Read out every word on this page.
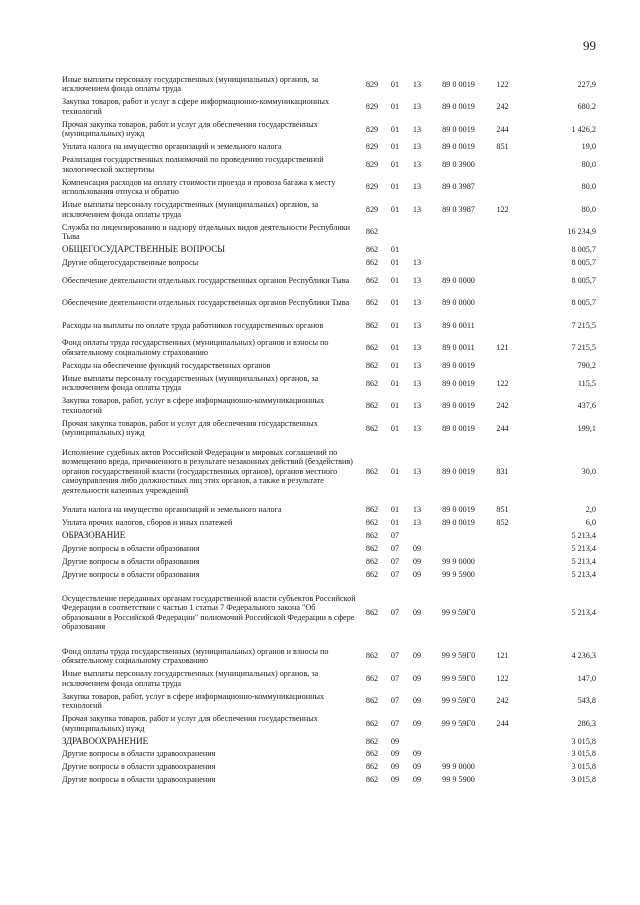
99
Иные выплаты персоналу государственных (муниципальных) органов, за исключением фонда оплаты труда
829	01	13	89 0 0019	122	227,9
Закупка товаров, работ и услуг в сфере информационно-коммуникационных технологий
829	01	13	89 0 0019	242	680,2
Прочая закупка товаров, работ и услуг для обеспечения государственных (муниципальных) нужд
829	01	13	89 0 0019	244	1 426,2
Уплата налога на имущество организаций и земельного налога	829	01	13	89 0 0019	851	19,0
Реализация государственных полномочий по проведению государственной экологической экспертизы
829	01	13	89 0 3900	80,0
Компенсация расходов на оплату стоимости проезда и провоза багажа к месту использования отпуска и обратно
829	01	13	89 0 3987	80,0
Иные выплаты персоналу государственных (муниципальных) органов, за исключением фонда оплаты труда
829	01	13	89 0 3987	122	80,0
Служба по лицензированию и надзору отдельных видов деятельности Республики Тыва
862	16 234,9
ОБЩЕГОСУДАРСТВЕННЫЕ ВОПРОСЫ	862	01	8 005,7
Другие общегосударственные вопросы	862	01	13	8 005,7
Обеспечение деятельности отдельных государственных органов Республики Тыва	862	01	13	89 0 0000	8 005,7
Обеспечение деятельности отдельных государственных органов Республики Тыва	862	01	13	89 0 0000	8 005,7
Расходы на выплаты по оплате труда работников государственных органов	862	01	13	89 0 0011	7 215,5
Фонд оплаты труда государственных (муниципальных) органов и взносы по обязательному социальному страхованию
862	01	13	89 0 0011	121	7 215,5
Расходы на обеспечение функций государственных органов	862	01	13	89 0 0019	790,2
Иные выплаты персоналу государственных (муниципальных) органов, за исключением фонда оплаты труда
862	01	13	89 0 0019	122	115,5
Закупка товаров, работ, услуг в сфере информационно-коммуникационных технологий
862	01	13	89 0 0019	242	437,6
Прочая закупка товаров, работ и услуг для обеспечения государственных (муниципальных) нужд
862	01	13	89 0 0019	244	199,1
Исполнение судебных актов Российской Федерации и мировых соглашений по возмещению вреда, причиненного в результате незаконных действий (бездействия) органов государственной власти (государственных органов), органов местного самоуправления либо должностных лиц этих органов, а также в результате деятельности казенных учреждений
862	01	13	89 0 0019	831	30,0
Уплата налога на имущество организаций и земельного налога	862	01	13	89 0 0019	851	2,0
Уплата прочих налогов, сборов и иных платежей	862	01	13	89 0 0019	852	6,0
ОБРАЗОВАНИЕ	862	07	5 213,4
Другие вопросы в области образования	862	07	09	5 213,4
Другие вопросы в области образования	862	07	09	99 9 0000	5 213,4
Другие вопросы в области образования	862	07	09	99 9 5900	5 213,4
Осуществление переданных органам государственной власти субъектов Российской Федерации в соответствии с частью 1 статьи 7 Федерального закона "Об образовании в Российской Федерации" полномочий Российской Федерации в сфере образования
862	07	09	99 9 59Г0	5 213,4
Фонд оплаты труда государственных (муниципальных) органов и взносы по обязательному социальному страхованию
862	07	09	99 9 59Г0	121	4 236,3
Иные выплаты персоналу государственных (муниципальных) органов, за исключением фонда оплаты труда
862	07	09	99 9 59Г0	122	147,0
Закупка товаров, работ, услуг в сфере информационно-коммуникационных технологий
862	07	09	99 9 59Г0	242	543,8
Прочая закупка товаров, работ и услуг для обеспечения государственных (муниципальных) нужд
862	07	09	99 9 59Г0	244	286,3
ЗДРАВООХРАНЕНИЕ	862	09	3 015,8
Другие вопросы в области здравоохранения	862	09	09	3 015,8
Другие вопросы в области здравоохранения	862	09	09	99 9 0000	3 015,8
Другие вопросы в области здравоохранения	862	09	09	99 9 5900	3 015,8
